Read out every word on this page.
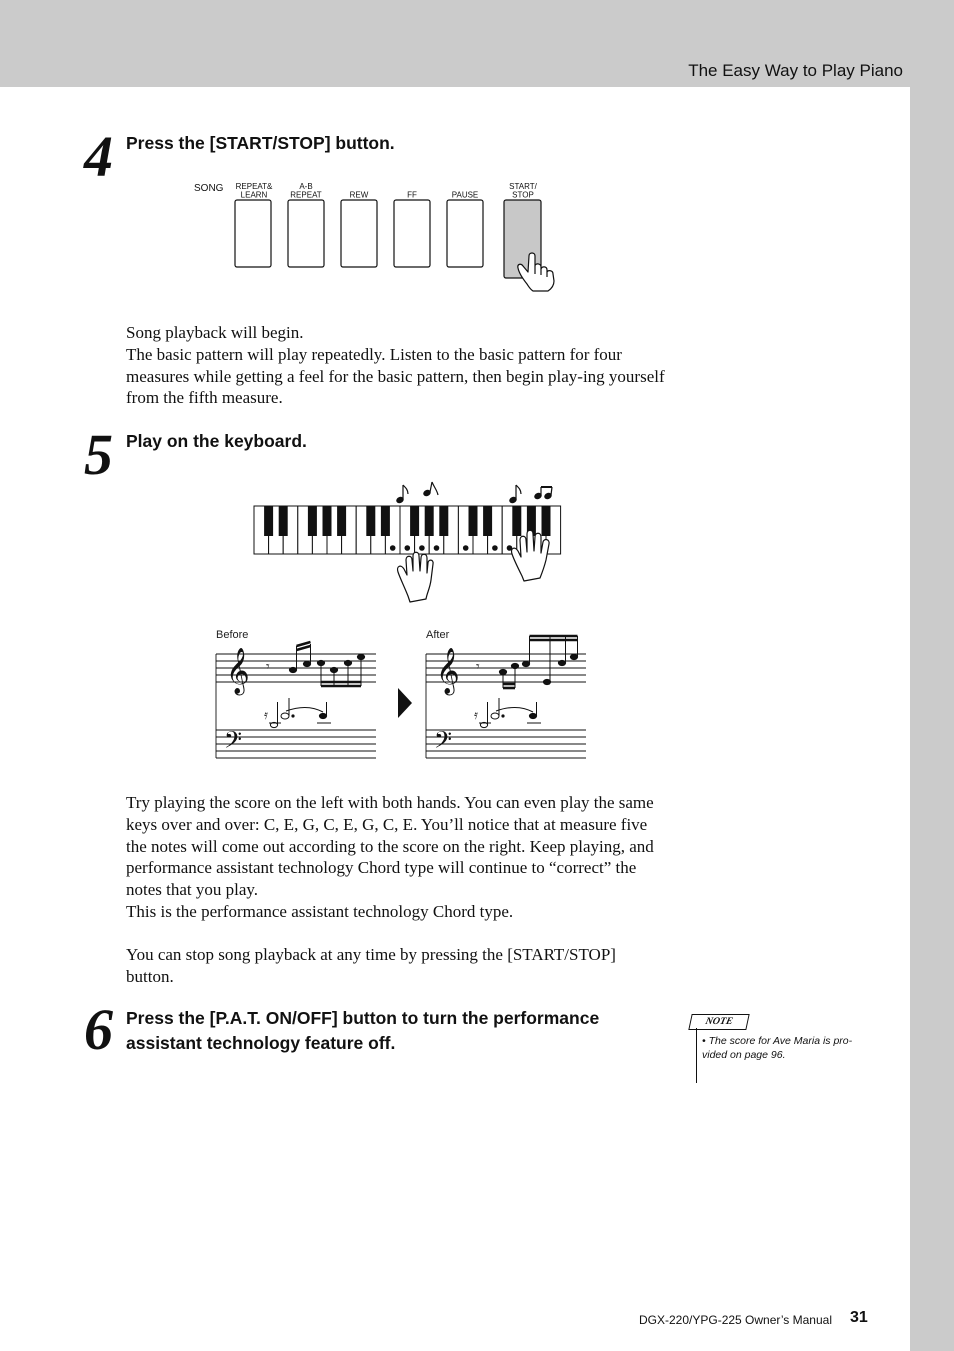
The Easy Way to Play Piano
4 Press the [START/STOP] button.
SONG REPEAT&
LEARN
A-B
REPEAT	REW	FF	PAUSE
START/
STOP

Song playback will begin.

The basic pattern will play repeatedly. Listen to the basic pattern for four measures while getting a feel for the basic pattern, then begin play-ing yourself from the fifth measure.

5 Play on the keyboard.
Before	After
𝄞	𝄞
𝄢	𝄢
𝄾
𝄿
𝄾
𝄿

Try playing the score on the left with both hands. You can even play the same keys over and over: C, E, G, C, E, G, C, E. You’ll notice that at measure five the notes will come out according to the score on the right. Keep playing, and performance assistant technology Chord type will continue to “correct” the notes that you play.

This is the performance assistant technology Chord type.

You can stop song playback at any time by pressing the [START/STOP] button.

6 Press the [P.A.T. ON/OFF] button to turn the performance
assistant technology feature off.
NOTE
• The score for Ave Maria is pro-vided on page 96.
DGX-220/YPG-225 Owner’s Manual 31
